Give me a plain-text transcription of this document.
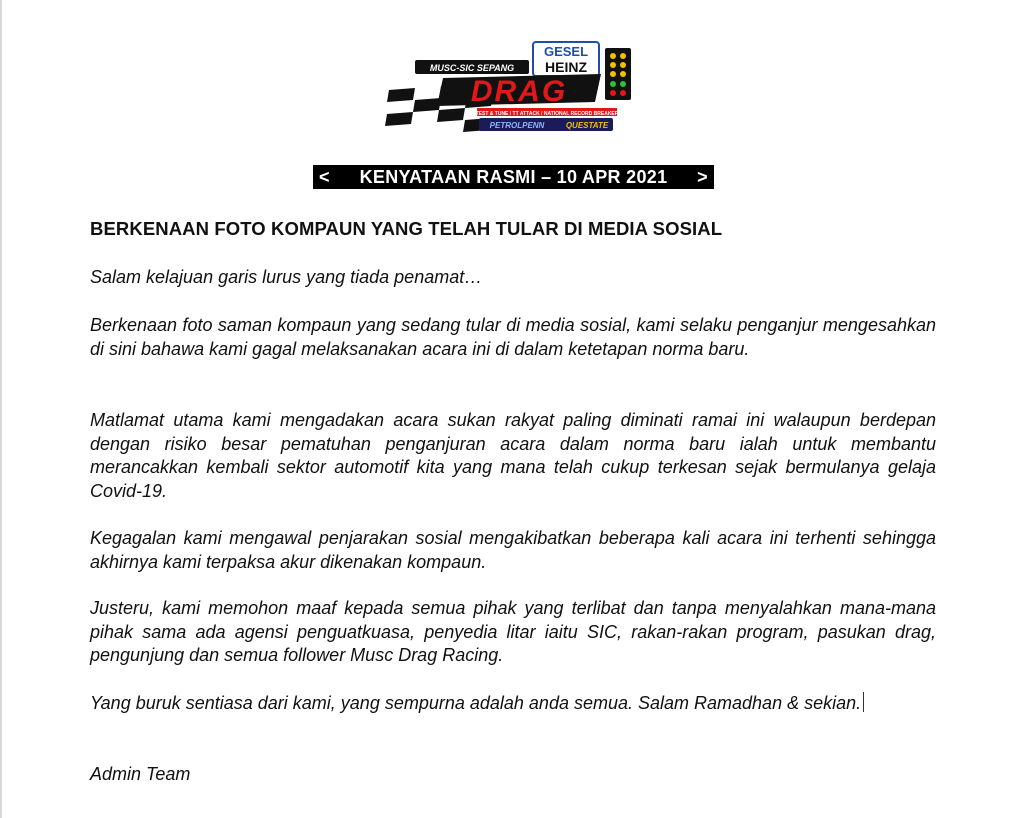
MUSC-SIC SEPANG
GESEL
HEINZ
DRAG
TEST & TUNE / TT ATTACK / NATIONAL RECORD BREAKER
PETROLPENN	QUESTATE
< KENYATAAN RASMI – 10 APR 2021 >
BERKENAAN FOTO KOMPAUN YANG TELAH TULAR DI MEDIA SOSIAL

Salam kelajuan garis lurus yang tiada penamat…

Berkenaan foto saman kompaun yang sedang tular di media sosial, kami selaku penganjur mengesahkan di sini bahawa kami gagal melaksanakan acara ini di dalam ketetapan norma baru.

Matlamat utama kami mengadakan acara sukan rakyat paling diminati ramai ini walaupun berdepan dengan risiko besar pematuhan penganjuran acara dalam norma baru ialah untuk membantu merancakkan kembali sektor automotif kita yang mana telah cukup terkesan sejak bermulanya gelaja Covid-19.

Kegagalan kami mengawal penjarakan sosial mengakibatkan beberapa kali acara ini terhenti sehingga akhirnya kami terpaksa akur dikenakan kompaun.

Justeru, kami memohon maaf kepada semua pihak yang terlibat dan tanpa menyalahkan mana-mana pihak sama ada agensi penguatkuasa, penyedia litar iaitu SIC, rakan-rakan program, pasukan drag, pengunjung dan semua follower Musc Drag Racing.

Yang buruk sentiasa dari kami, yang sempurna adalah anda semua. Salam Ramadhan & sekian.

Admin Team
